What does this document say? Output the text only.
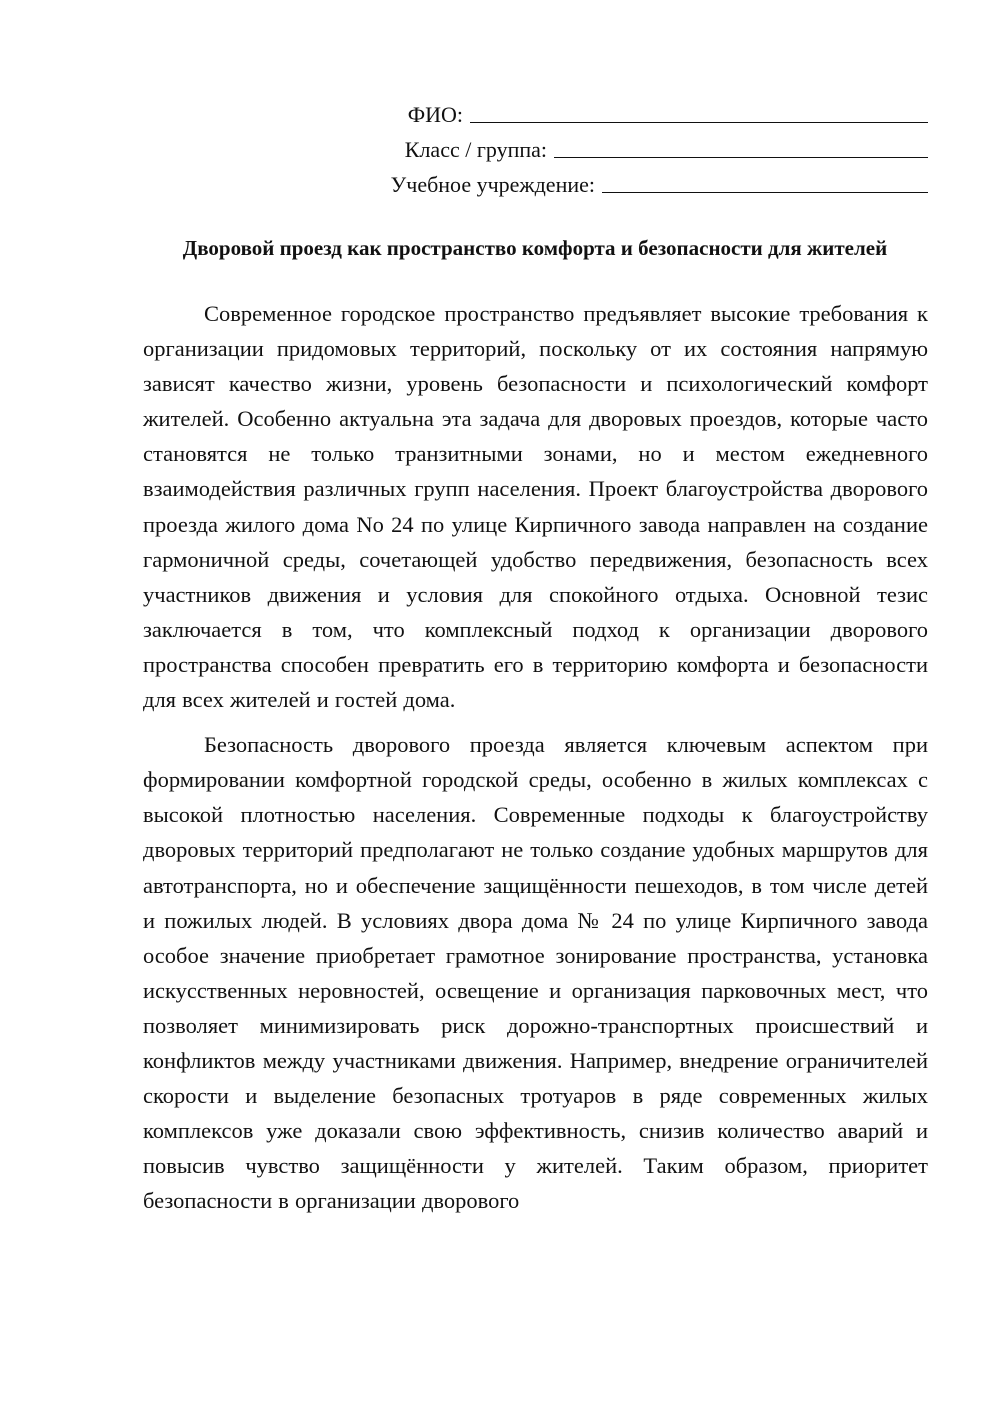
ФИО:
Класс / группа:
Учебное учреждение:
Дворовой проезд как пространство комфорта и безопасности для жителей

Современное городское пространство предъявляет высокие требования к организации придомовых территорий, поскольку от их состояния напрямую зависят качество жизни, уровень безопасности и психологический комфорт жителей. Особенно актуальна эта задача для дворовых проездов, которые часто становятся не только транзитными зонами, но и местом ежедневного взаимодействия различных групп населения. Проект благоустройства дворового проезда жилого дома No 24 по улице Кирпичного завода направлен на создание гармоничной среды, сочетающей удобство передвижения, безопасность всех участников движения и условия для спокойного отдыха. Основной тезис заключается в том, что комплексный подход к организации дворового пространства способен превратить его в территорию комфорта и безопасности для всех жителей и гостей дома.

Безопасность дворового проезда является ключевым аспектом при формировании комфортной городской среды, особенно в жилых комплексах с высокой плотностью населения. Современные подходы к благоустройству дворовых территорий предполагают не только создание удобных маршрутов для автотранспорта, но и обеспечение защищённости пешеходов, в том числе детей и пожилых людей. В условиях двора дома № 24 по улице Кирпичного завода особое значение приобретает грамотное зонирование пространства, установка искусственных неровностей, освещение и организация парковочных мест, что позволяет минимизировать риск дорожно-транспортных происшествий и конфликтов между участниками движения. Например, внедрение ограничителей скорости и выделение безопасных тротуаров в ряде современных жилых комплексов уже доказали свою эффективность, снизив количество аварий и повысив чувство защищённости у жителей. Таким образом, приоритет безопасности в организации дворового
